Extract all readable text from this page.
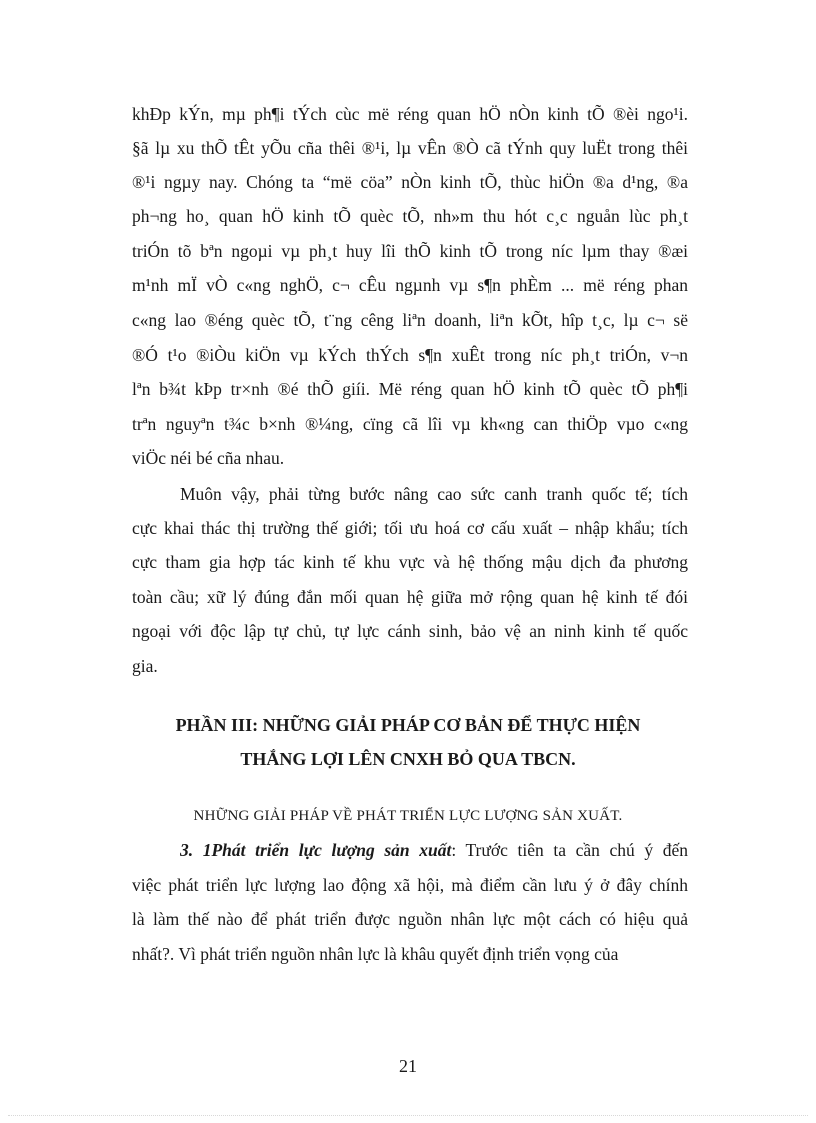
khÐp kÝn, mµ ph¶i tÝch cùc më réng quan hÖ nÒn kinh tÕ ®èi ngo¹i.
§ã lµ xu thÕ tÊt yÕu cña thêi ®¹i, lµ vÊn ®Ò cã tÝnh quy luËt trong thêi
®¹i ngµy nay. Chóng ta “më cöa” nÒn kinh tÕ, thùc hiÖn ®a d¹ng, ®a
ph¬ng ho¸ quan hÖ kinh tÕ quèc tÕ, nh»m thu hót c¸c nguån lùc ph¸t
triÓn tõ bªn ngoµi vµ ph¸t huy lîi thÕ kinh tÕ trong níc lµm thay ®æi
m¹nh mÏ vÒ c«ng nghÖ, c¬ cÊu ngµnh vµ s¶n phÈm ... më réng phan
c«ng lao ®éng quèc tÕ, t¨ng cêng liªn doanh, liªn kÕt, hîp t¸c, lµ c¬ së
®Ó t¹o ®iÒu kiÖn vµ kÝch thÝch s¶n xuÊt trong níc ph¸t triÓn, v¬n
lªn b¾t kÞp tr×nh ®é thÕ giíi. Më réng quan hÖ kinh tÕ quèc tÕ ph¶i
trªn nguyªn t¾c b×nh ®¼ng, cïng cã lîi vµ kh«ng can thiÖp vµo c«ng
viÖc néi bé cña nhau.
Muôn vậy, phải từng bước nâng cao sức canh tranh quốc tế; tích
cực khai thác thị trường thế giới; tối ưu hoá cơ cấu xuất – nhập khẩu; tích
cực tham gia hợp tác kinh tế khu vực và hệ thống mậu dịch đa phương
toàn cầu; xữ lý đúng đắn mối quan hệ giữa mở rộng quan hệ kinh tế đói
ngoại với độc lập tự chủ, tự lực cánh sinh, bảo vệ an ninh kinh tế quốc
gia.
PHẦN III: NHỮNG GIẢI PHÁP CƠ BẢN ĐỂ THỰC HIỆN
THẮNG LỢI LÊN CNXH BỎ QUA TBCN.
NHỮNG GIẢI PHÁP VỀ PHÁT TRIỂN LỰC LƯỢNG SẢN XUẤT.
3. 1Phát triển lực lượng sản xuất: Trước tiên ta cần chú ý đến
việc phát triển lực lượng lao động xã hội, mà điểm cần lưu ý ở đây chính
là làm thế nào để phát triển được nguồn nhân lực một cách có hiệu quả
nhất?. Vì phát triển nguồn nhân lực là khâu quyết định triển vọng của
21
